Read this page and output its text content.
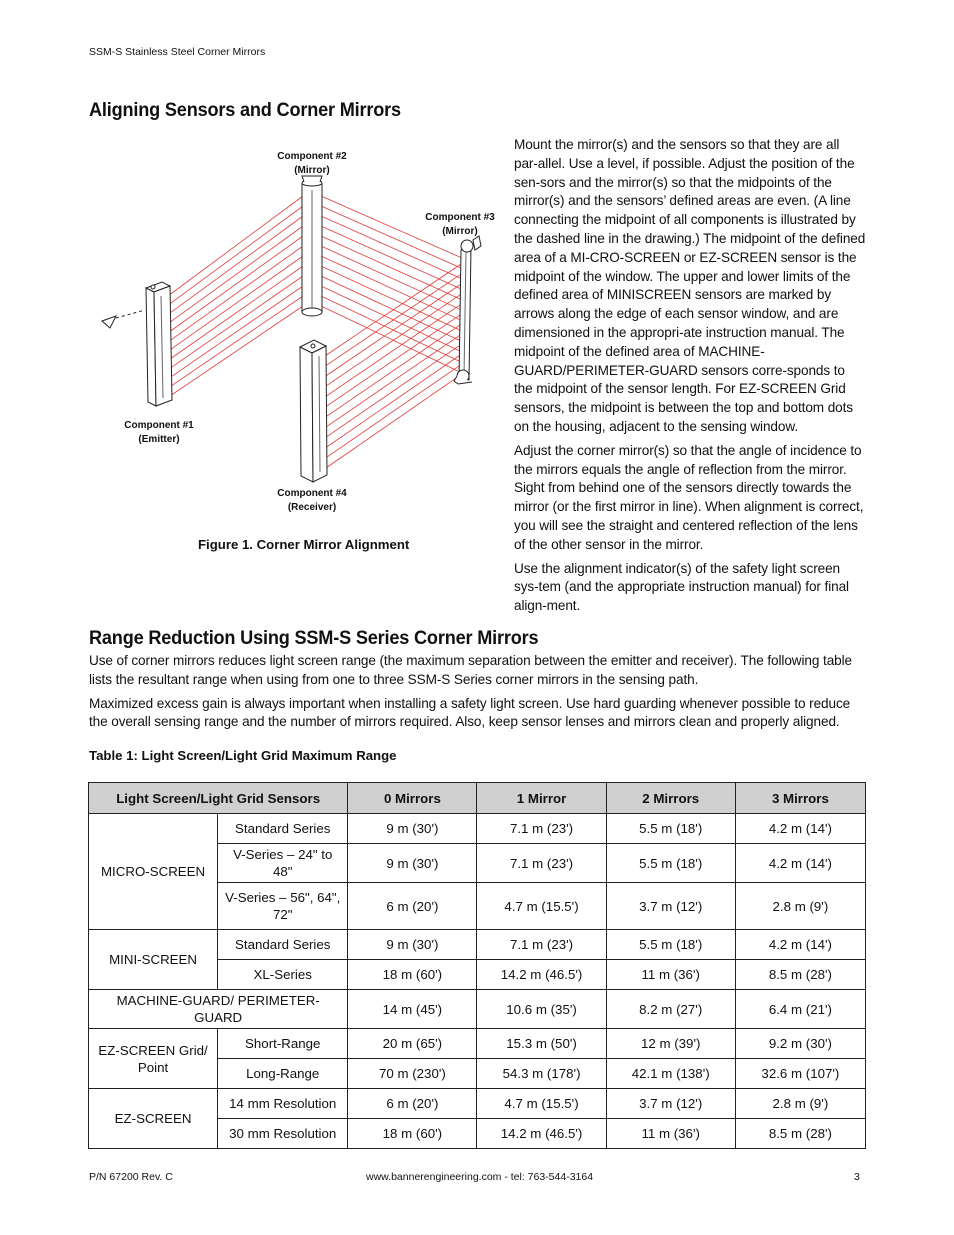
SSM-S Stainless Steel Corner Mirrors
Aligning Sensors and Corner Mirrors
Component #2
(Mirror)
Component #3
(Mirror)
Component #1
(Emitter)
Component #4
(Receiver)
Figure 1. Corner Mirror Alignment

Mount the mirror(s) and the sensors so that they are all par-allel. Use a level, if possible. Adjust the position of the sen-sors and the mirror(s) so that the midpoints of the mirror(s) and the sensors’ defined areas are even. (A line connecting the midpoint of all components is illustrated by the dashed line in the drawing.) The midpoint of the defined area of a MI-CRO-SCREEN or EZ-SCREEN sensor is the midpoint of the window. The upper and lower limits of the defined area of MINISCREEN sensors are marked by arrows along the edge of each sensor window, and are dimensioned in the appropri-ate instruction manual. The midpoint of the defined area of MACHINE-GUARD/PERIMETER-GUARD sensors corre-sponds to the midpoint of the sensor length. For EZ-SCREEN Grid sensors, the midpoint is between the top and bottom dots on the housing, adjacent to the sensing window.

Adjust the corner mirror(s) so that the angle of incidence to the mirrors equals the angle of reflection from the mirror. Sight from behind one of the sensors directly towards the mirror (or the first mirror in line). When alignment is correct, you will see the straight and centered reflection of the lens of the other sensor in the mirror.

Use the alignment indicator(s) of the safety light screen sys-tem (and the appropriate instruction manual) for final align-ment.

Range Reduction Using SSM-S Series Corner Mirrors

Use of corner mirrors reduces light screen range (the maximum separation between the emitter and receiver). The following table lists the resultant range when using from one to three SSM-S Series corner mirrors in the sensing path.

Maximized excess gain is always important when installing a safety light screen. Use hard guarding whenever possible to reduce the overall sensing range and the number of mirrors required. Also, keep sensor lenses and mirrors clean and properly aligned.

Table 1: Light Screen/Light Grid Maximum Range
Light Screen/Light Grid Sensors		0 Mirrors	1 Mirror	2 Mirrors	3 Mirrors
MICRO-SCREEN	Standard Series	9 m (30')	7.1 m (23')	5.5 m (18')	4.2 m (14')
	V-Series – 24" to 48"	9 m (30')	7.1 m (23')	5.5 m (18')	4.2 m (14')
	V-Series – 56", 64", 72"	6 m (20')	4.7 m (15.5')	3.7 m (12')	2.8 m (9')
MINI-SCREEN	Standard Series	9 m (30')	7.1 m (23')	5.5 m (18')	4.2 m (14')
	XL-Series	18 m (60')	14.2 m (46.5')	11 m (36')	8.5 m (28')
MACHINE-GUARD/ PERIMETER-GUARD		14 m (45')	10.6 m (35')	8.2 m (27')	6.4 m (21')
EZ-SCREEN Grid/ Point	Short-Range	20 m (65')	15.3 m (50')	12 m (39')	9.2 m (30')
	Long-Range	70 m (230')	54.3 m (178')	42.1 m (138')	32.6 m (107')
EZ-SCREEN	14 mm Resolution	6 m (20')	4.7 m (15.5')	3.7 m (12')	2.8 m (9')
	30 mm Resolution	18 m (60')	14.2 m (46.5')	11 m (36')	8.5 m (28')
P/N 67200 Rev. C	www.bannerengineering.com - tel: 763-544-3164	3
